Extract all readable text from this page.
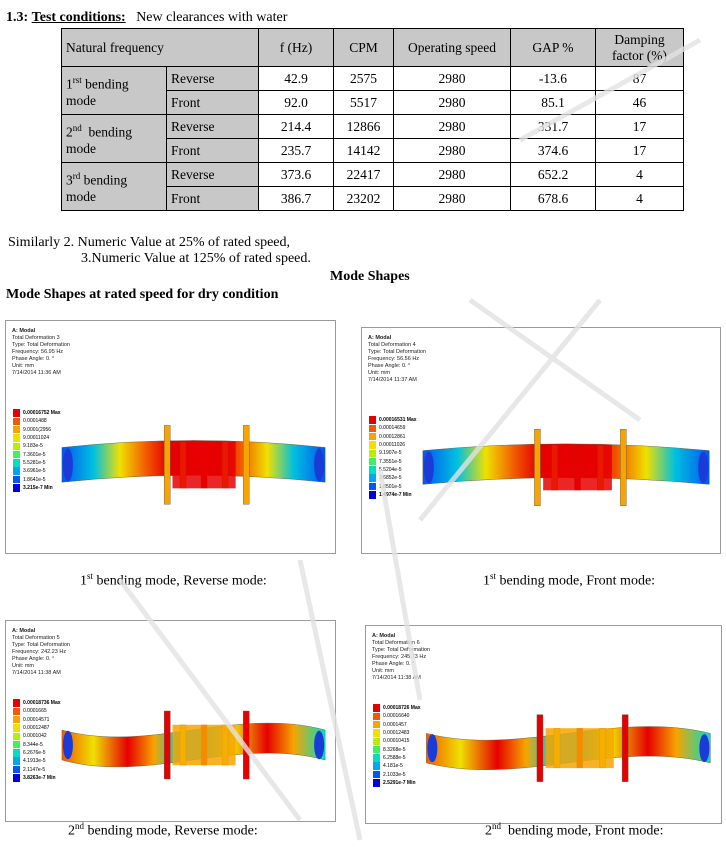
1.3: Test conditions: New clearances with water
Natural frequency		f (Hz)	CPM	Operating speed	GAP %	Damping
factor (%)
$1^{rst}$ bending
mode	Reverse	42.9	2575	2980	-13.6	87
	Front	92.0	5517	2980	85.1	46
2nd  bending
mode	Reverse	214.4	12866	2980	331.7	17
	Front	235.7	14142	2980	374.6	17
3rd bending
mode	Reverse	373.6	22417	2980	652.2	4
	Front	386.7	23202	2980	678.6	4
Similarly 2. Numeric Value at 25% of rated speed,
3.Numeric Value at 125% of rated speed.
Mode Shapes
Mode Shapes at rated speed for dry condition
A: Modal
Total Deformation 3
Type: Total Deformation
Frequency: 56.95 Hz
Phase Angle: 0. °
Unit: mm
7/14/2014 11:36 AM
0.00016752 Max
0.0001488
9.0001(2956
9.00011024
9.183e-5
7.3601e-5
5.5281e-5
3.6961e-5
1.8641e-5
3.215e-7 Min
1st bending mode, Reverse mode:
A: Modal
Total Deformation 4
Type: Total Deformation
Frequency: 56.56 Hz
Phase Angle: 0. °
Unit: mm
7/14/2014 11:37 AM
0.00016531 Max
0.00014659
0.00012861
0.00011026
9.1907e-5
7.3551e-5
5.5204e-5
3.6852e-5
1.8501e-5
1.4974e-7 Min
1st bending mode, Front mode:
A: Modal
Total Deformation 5
Type: Total Deformation
Frequency: 242.23 Hz
Phase Angle: 0. °
Unit: mm
7/14/2014 11:38 AM
0.00018736 Max
0.0001665
0.00014571
0.00012487
0.0001042
8.344e-5
6.2676e-5
4.1913e-5
2.1147e-5
3.8263e-7 Min
2nd bending mode, Reverse mode:
A: Modal
Total Deformation 6
Type: Total Deformation
Frequency: 245.73 Hz
Phase Angle: 0. °
Unit: mm
7/14/2014 11:38 AM
0.00018726 Max
0.00016640
0.0001457
0.00012483
0.00010415
8.3268e-5
6.2588e-5
4.181e-5
2.1033e-5
2.5291e-7 Min
2nd  bending mode, Front mode:
